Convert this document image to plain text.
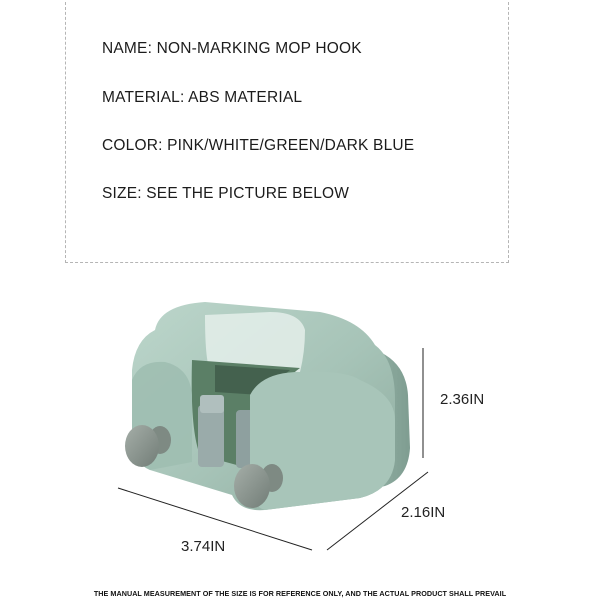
NAME: NON-MARKING MOP HOOK
MATERIAL: ABS MATERIAL
COLOR: PINK/WHITE/GREEN/DARK BLUE
SIZE: SEE THE PICTURE BELOW
2.36IN
2.16IN
3.74IN
THE MANUAL MEASUREMENT OF THE SIZE IS FOR REFERENCE ONLY, AND THE ACTUAL PRODUCT SHALL PREVAIL
